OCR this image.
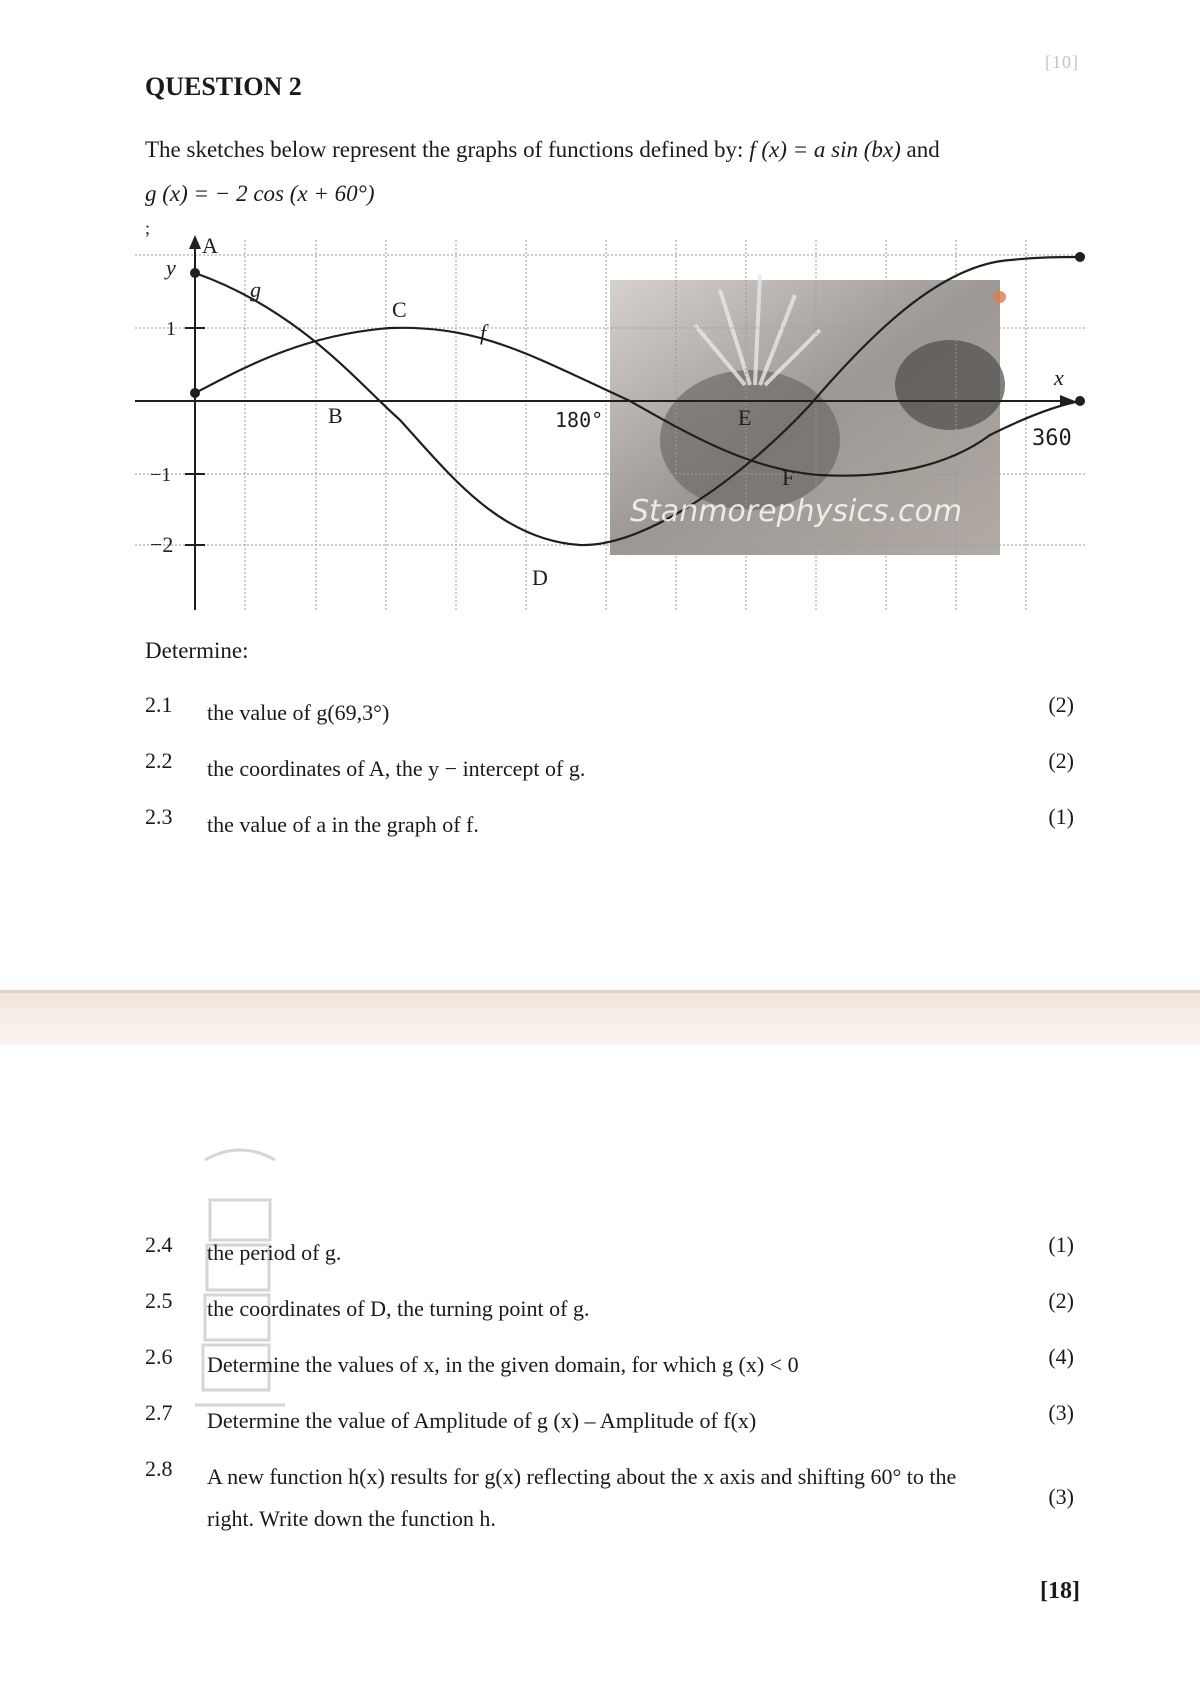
[10]
QUESTION 2
The sketches below represent the graphs of functions defined by: f (x) = a sin (bx) and
g (x) = − 2 cos (x + 60°)
;
A
y
g
C
f
B	180°	E
F
x
360
1
−1
−2
D
Stanmorephysics.com
Determine:
2.1 the value of g(69,3°)	(2)
2.2 the coordinates of A, the y − intercept of g.	(2)
2.3 the value of a in the graph of f.	(1)
2.4 the period of g.	(1)
2.5 the coordinates of D, the turning point of g.	(2)
2.6 Determine the values of x, in the given domain, for which g (x) < 0	(4)
2.7 Determine the value of Amplitude of g (x) – Amplitude of f(x)	(3)
2.8 A new function h(x) results for g(x) reflecting about the x axis and shifting 60° to the right. Write down the function h.
(3)
[18]
